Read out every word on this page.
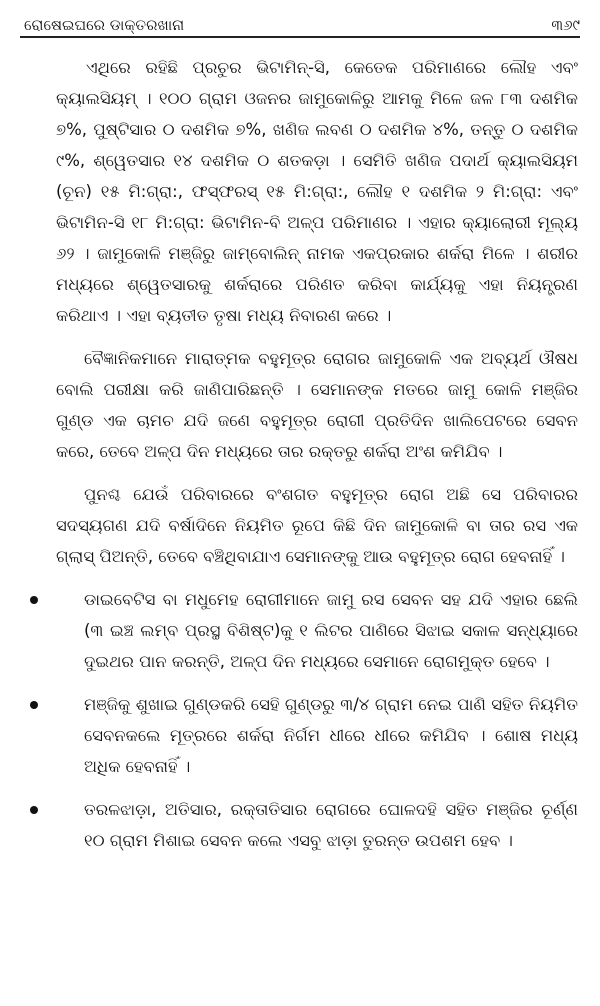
ରୋଷେଇଘରେ ଡାକ୍ତରଖାନା	୩୬୯

ଏଥିରେ ରହିଛି ପ୍ରଚୁର ଭିଟାମିନ୍-ସି, କେତେକ ପରିମାଣରେ ଲୌହ ଏବଂ କ୍ୟାଲସିୟମ୍ । ୧୦୦ ଗ୍ରାମ ଓଜନର ଜାମୁକୋଳିରୁ ଆମକୁ ମିଳେ ଜଳ ୮୩ ଦଶମିକ ୭%, ପୁଷ୍ଟିସାର ୦ ଦଶମିକ ୭%, ଖଣିଜ ଲବଣ ୦ ଦଶମିକ ୪%, ତନ୍ତୁ ୦ ଦଶମିକ ୯%, ଶ୍ୱେତସାର ୧୪ ଦଶମିକ ୦ ଶତକଡ଼ା । ସେମିତି ଖଣିଜ ପଦାର୍ଥ କ୍ୟାଲସିୟମ (ଚୂନ) ୧୫ ମି:ଗ୍ରା:, ଫସ୍ଫରସ୍ ୧୫ ମି:ଗ୍ରା:, ଲୌହ ୧ ଦଶମିକ ୨ ମି:ଗ୍ରା: ଏବଂ ଭିଟାମିନ-ସି ୧୮ ମି:ଗ୍ରା: ଭିଟାମିନ-ବି ଅଳ୍ପ ପରିମାଣର । ଏହାର କ୍ୟାଲୋରୀ ମୂଲ୍ୟ ୬୨ । ଜାମୁକୋଳି ମଞ୍ଜିରୁ ଜାମ୍ବୋଲିନ୍ ନାମକ ଏକପ୍ରକାର ଶର୍କରା ମିଳେ । ଶରୀର ମଧ୍ୟରେ ଶ୍ୱେତସାରକୁ ଶର୍କରାରେ ପରିଣତ କରିବା କାର୍ଯ୍ୟକୁ ଏହା ନିୟନ୍ତ୍ରଣ କରିଥାଏ । ଏହା ବ୍ୟତୀତ ତୃଷା ମଧ୍ୟ ନିବାରଣ କରେ ।

ବୈଜ୍ଞାନିକମାନେ ମାରାତ୍ମକ ବହୁମୂତ୍ର ରୋଗର ଜାମୁକୋଳି ଏକ ଅବ୍ୟର୍ଥ ଔଷଧ ବୋଲି ପରୀକ୍ଷା କରି ଜାଣିପାରିଛନ୍ତି । ସେମାନଙ୍କ ମତରେ ଜାମୁ କୋଳି ମଞ୍ଜିର ଗୁଣ୍ଡ ଏକ ଚାମଚ ଯଦି ଜଣେ ବହୁମୂତ୍ର ରୋଗୀ ପ୍ରତିଦିନ ଖାଲିପେଟରେ ସେବନ କରେ, ତେବେ ଅଳ୍ପ ଦିନ ମଧ୍ୟରେ ତାର ରକ୍ତରୁ ଶର୍କରା ଅଂଶ କମିଯିବ ।

ପୁନଶ୍ଚ ଯେଉଁ ପରିବାରରେ ବଂଶଗତ ବହୁମୂତ୍ର ରୋଗ ଅଛି ସେ ପରିବାରର ସଦସ୍ୟଗଣ ଯଦି ବର୍ଷାଦିନେ ନିୟମିତ ରୂପେ କିଛି ଦିନ ଜାମୁକୋଳି ବା ତାର ରସ ଏକ ଗ୍ଲାସ୍ ପିଅନ୍ତି, ତେବେ ବଞ୍ଚିଥିବାଯାଏ ସେମାନଙ୍କୁ ଆଉ ବହୁମୂତ୍ର ରୋଗ ହେବନାହିଁ ।

ଡାଇବେଟିସ ବା ମଧୁମେହ ରୋଗୀମାନେ ଜାମୁ ରସ ସେବନ ସହ ଯଦି ଏହାର ଛେଲି (୩ ଇଞ୍ଚ ଲମ୍ବ ପ୍ରସ୍ଥ ବିଶିଷ୍ଟ)କୁ ୧ ଲିଟର ପାଣିରେ ସିଝାଇ ସକାଳ ସନ୍ଧ୍ୟାରେ ଦୁଇଥର ପାନ କରନ୍ତି, ଅଳ୍ପ ଦିନ ମଧ୍ୟରେ ସେମାନେ ରୋଗମୁକ୍ତ ହେବେ ।
ମଞ୍ଜିକୁ ଶୁଖାଇ ଗୁଣ୍ଡକରି ସେହି ଗୁଣ୍ଡରୁ ୩/୪ ଗ୍ରାମ ନେଇ ପାଣି ସହିତ ନିୟମିତ ସେବନକଲେ ମୂତ୍ରରେ ଶର୍କରା ନିର୍ଗମ ଧୀରେ ଧୀରେ କମିଯିବ । ଶୋଷ ମଧ୍ୟ ଅଧିକ ହେବନାହିଁ ।
ତରଳଝାଡ଼ା, ଅତିସାର, ରକ୍ତାତିସାର ରୋଗରେ ଘୋଳଦହି ସହିତ ମଞ୍ଜିର ଚୂର୍ଣ୍ଣ ୧୦ ଗ୍ରାମ ମିଶାଇ ସେବନ କଲେ ଏସବୁ ଝାଡ଼ା ତୁରନ୍ତ ଉପଶମ ହେବ ।
